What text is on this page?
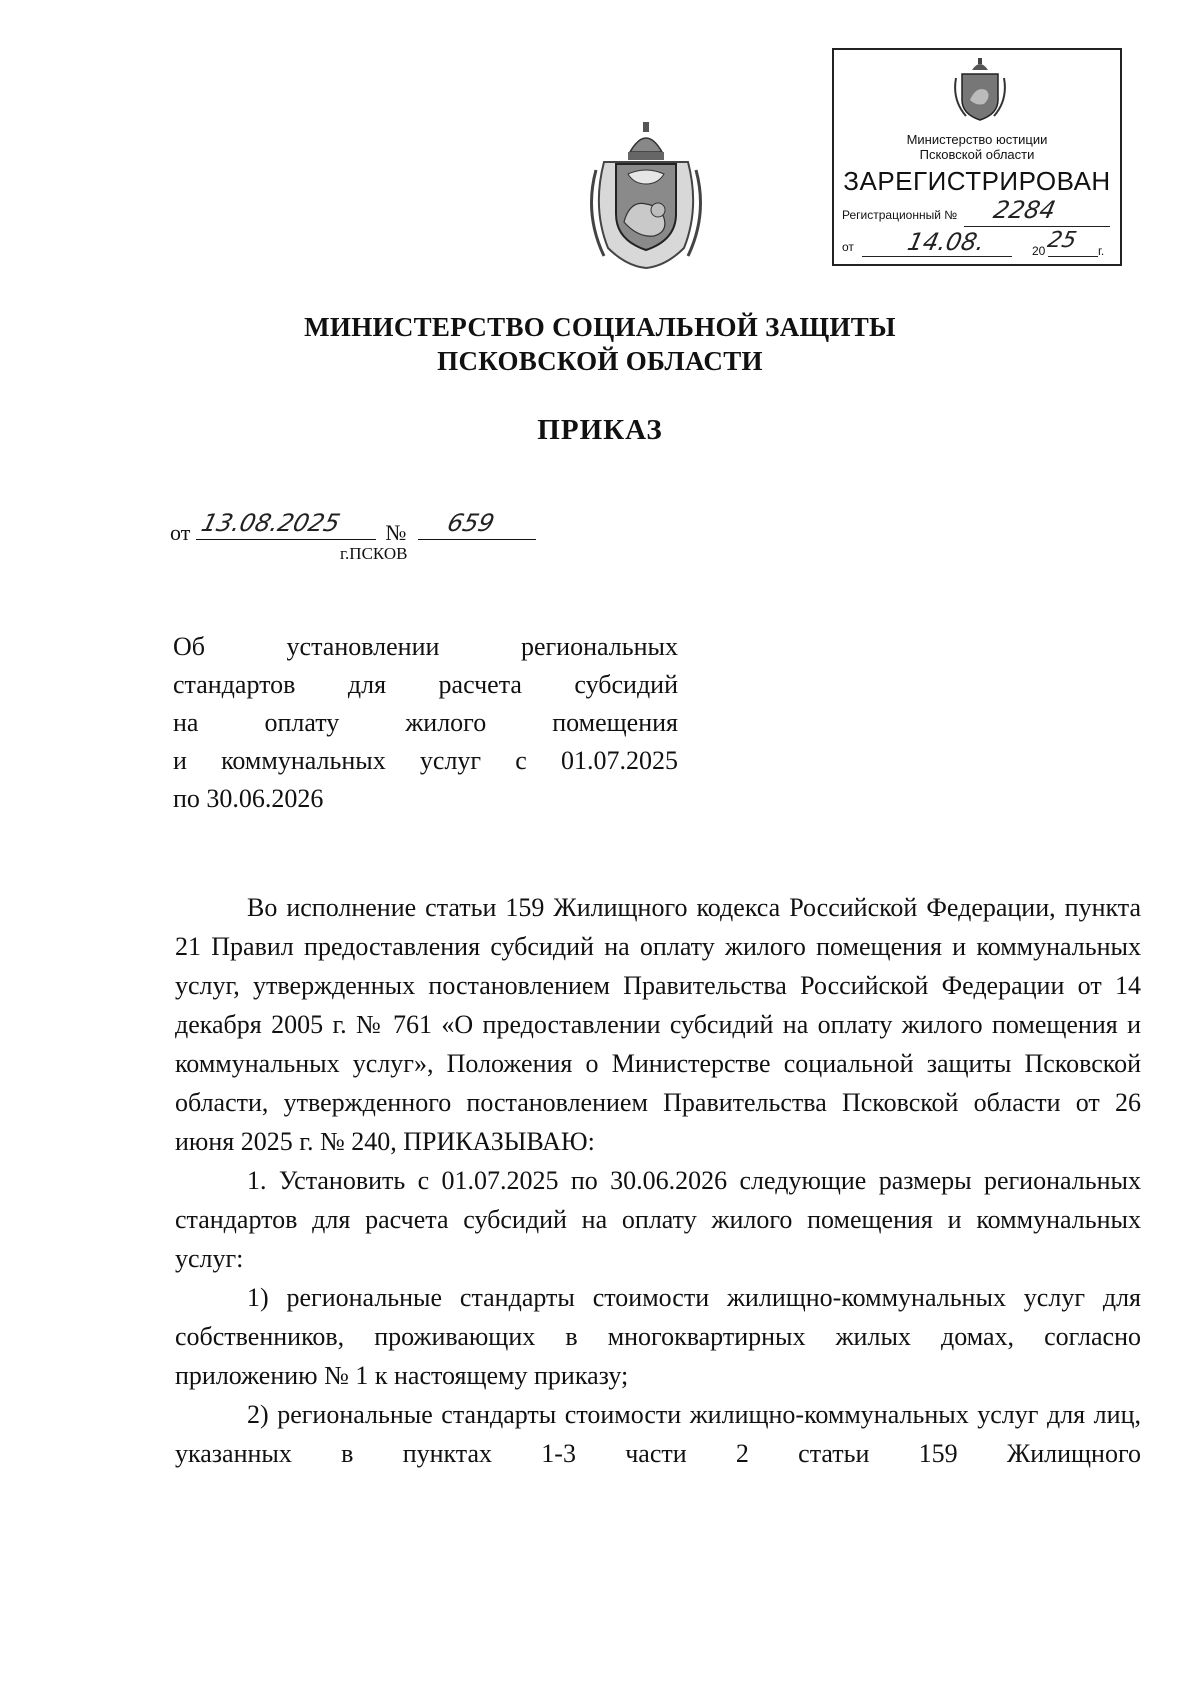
Министерство юстиции
Псковской области
ЗАРЕГИСТРИРОВАН
Регистрационный №	2284
от	14.08.	20 25 г.
МИНИСТЕРСТВО СОЦИАЛЬНОЙ ЗАЩИТЫ
ПСКОВСКОЙ ОБЛАСТИ
ПРИКАЗ
от 13.08.2025 № 659
г.ПСКОВ
Об установлении региональных
стандартов для расчета субсидий
на оплату жилого помещения
и коммунальных услуг с 01.07.2025
по 30.06.2026

Во исполнение статьи 159 Жилищного кодекса Российской Федерации, пункта 21 Правил предоставления субсидий на оплату жилого помещения и коммунальных услуг, утвержденных постановлением Правительства Российской Федерации от 14 декабря 2005 г. № 761 «О предоставлении субсидий на оплату жилого помещения и коммунальных услуг», Положения о Министерстве социальной защиты Псковской области, утвержденного постановлением Правительства Псковской области от 26 июня 2025 г. № 240, ПРИКАЗЫВАЮ:

1. Установить с 01.07.2025 по 30.06.2026 следующие размеры региональных стандартов для расчета субсидий на оплату жилого помещения и коммунальных услуг:

1) региональные стандарты стоимости жилищно-коммунальных услуг для собственников, проживающих в многоквартирных жилых домах, согласно приложению № 1 к настоящему приказу;

2) региональные стандарты стоимости жилищно-коммунальных услуг для лиц, указанных в пунктах 1-3 части 2 статьи 159 Жилищного
